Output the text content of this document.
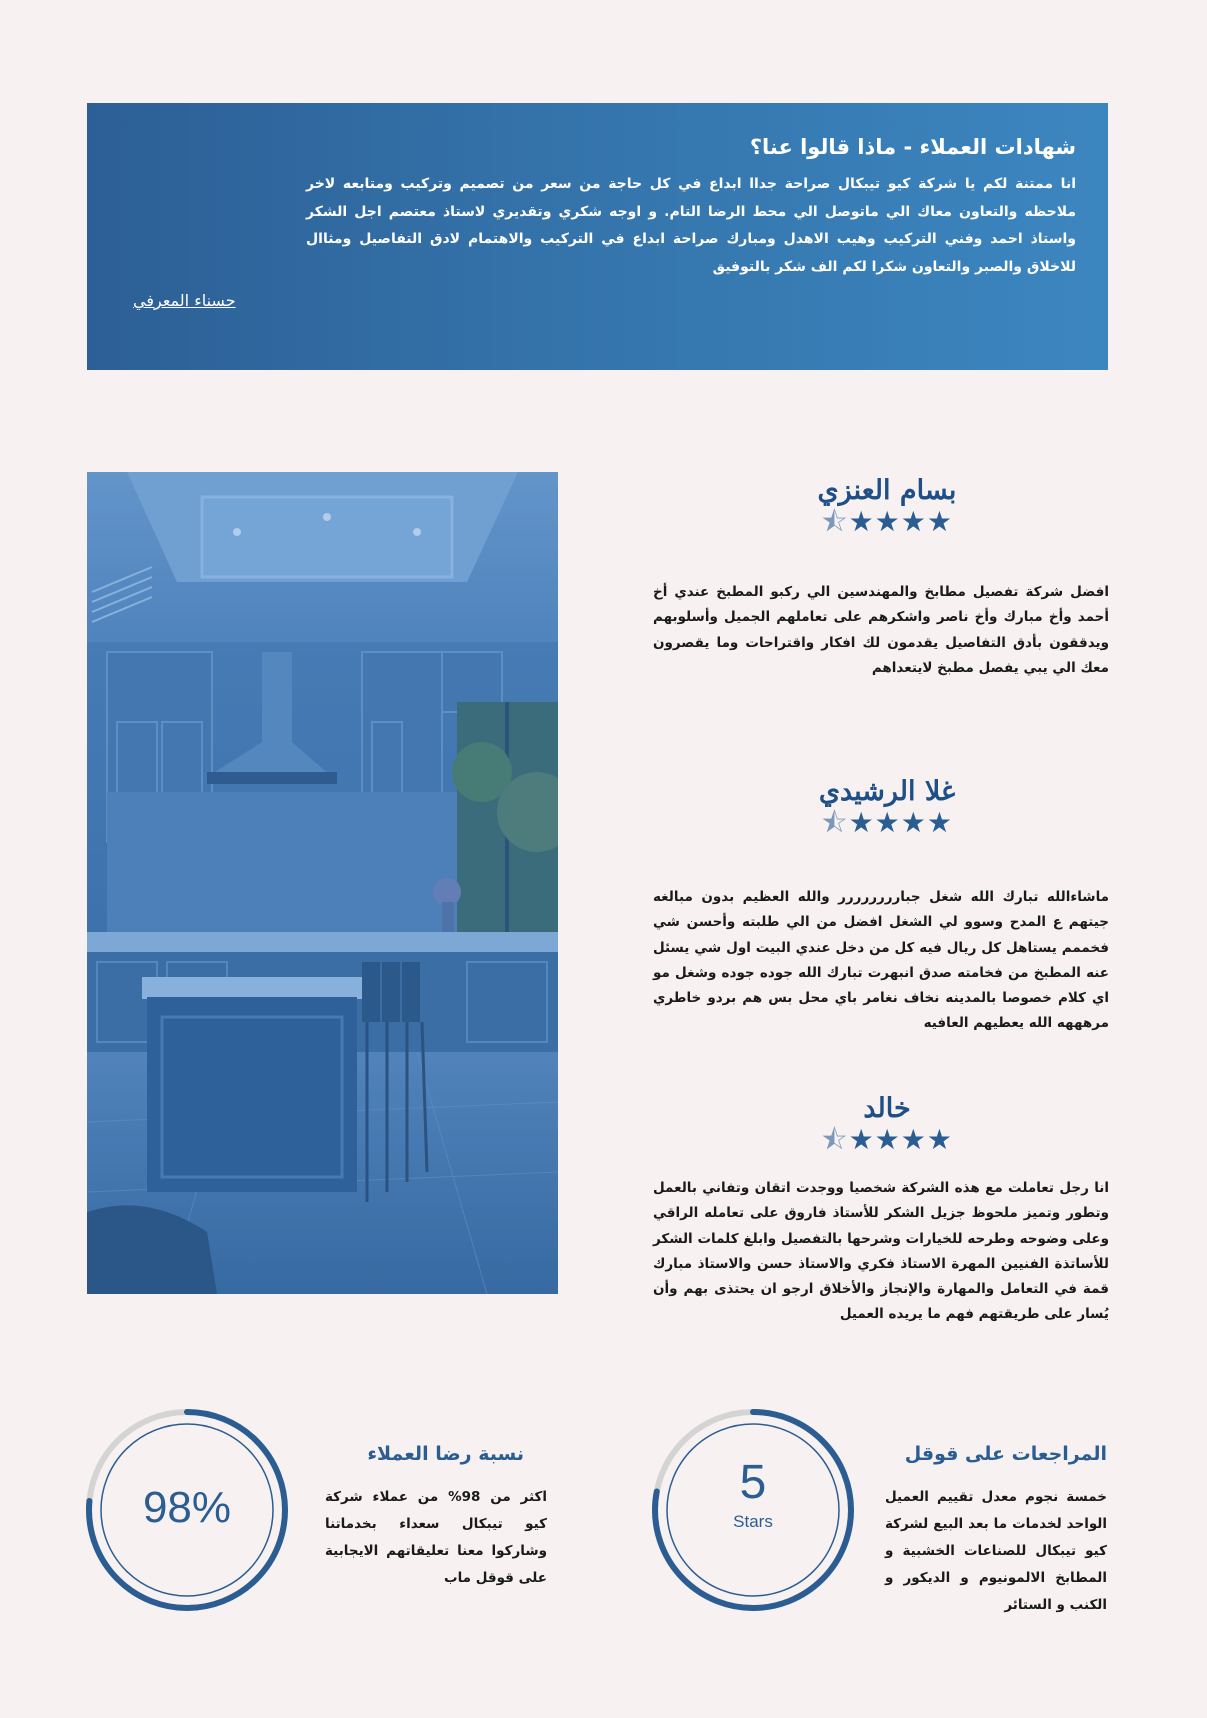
شهادات العملاء - ماذا قالوا عنا؟

انا ممتنة لكم يا شركة كيو تيبكال صراحة جداا ابداع في كل حاجة من سعر من تصميم وتركيب ومتابعه لاخر ملاحظه والتعاون معاك الي ماتوصل الي محط الرضا التام. و اوجه شكري وتقديري لاستاذ معتصم اجل الشكر واستاذ احمد وفني التركيب وهيب الاهدل ومبارك صراحة ابداع في التركيب والاهتمام لادق التفاصيل ومثاال للاخلاق والصبر والتعاون شكرا لكم الف شكر بالتوفيق

حسناء المعرفي
بسام العنزي
★★★★⯪

افضل شركة تفصيل مطابخ والمهندسين الي ركبو المطبخ عندي أخ أحمد وأخ مبارك وأخ ناصر واشكرهم على تعاملهم الجميل وأسلوبهم ويدققون بأدق التفاصيل يقدمون لك افكار واقتراحات وما يقصرون معك الي يبي يفصل مطبخ لايتعداهم

غلا الرشيدي
★★★★⯪

ماشاءالله تبارك الله شغل جبارررررررر والله العظيم بدون مبالغه جيتهم ع المدح وسوو لي الشغل افضل من الي طلبته وأحسن شي فخممم يستاهل كل ريال فيه كل من دخل عندي البيت اول شي يسئل عنه المطبخ من فخامته صدق انبهرت تبارك الله جوده جوده وشغل مو اي كلام خصوصا بالمدينه نخاف نغامر باي محل بس هم بردو خاطري مرهههه الله يعطيهم العافيه

خالد
★★★★⯪

انا رجل تعاملت مع هذه الشركة شخصيا ووجدت اتقان وتفاني بالعمل وتطور وتميز ملحوظ جزيل الشكر للأستاذ فاروق على تعامله الراقي وعلى وضوحه وطرحه للخيارات وشرحها بالتفصيل وابلغ كلمات الشكر للأساتذة الفنيين المهرة الاستاذ فكري والاستاذ حسن والاستاذ مبارك قمة في التعامل والمهارة والإنجاز والأخلاق ارجو ان يحتذى بهم وأن يُسار على طريقتهم فهم ما يريده العميل

المراجعات على قوقل
5
Stars

خمسة نجوم معدل تقييم العميل الواحد لخدمات ما بعد البيع لشركة كيو تيبكال للصناعات الخشبية و المطابخ الالمونيوم و الديكور و الكنب و الستائر

نسبة رضا العملاء
98%	اكثر من 98% من عملاء شركة كيو تيبكال سعداء بخدماتنا وشاركوا معنا تعليقاتهم الايجابية على قوقل ماب
